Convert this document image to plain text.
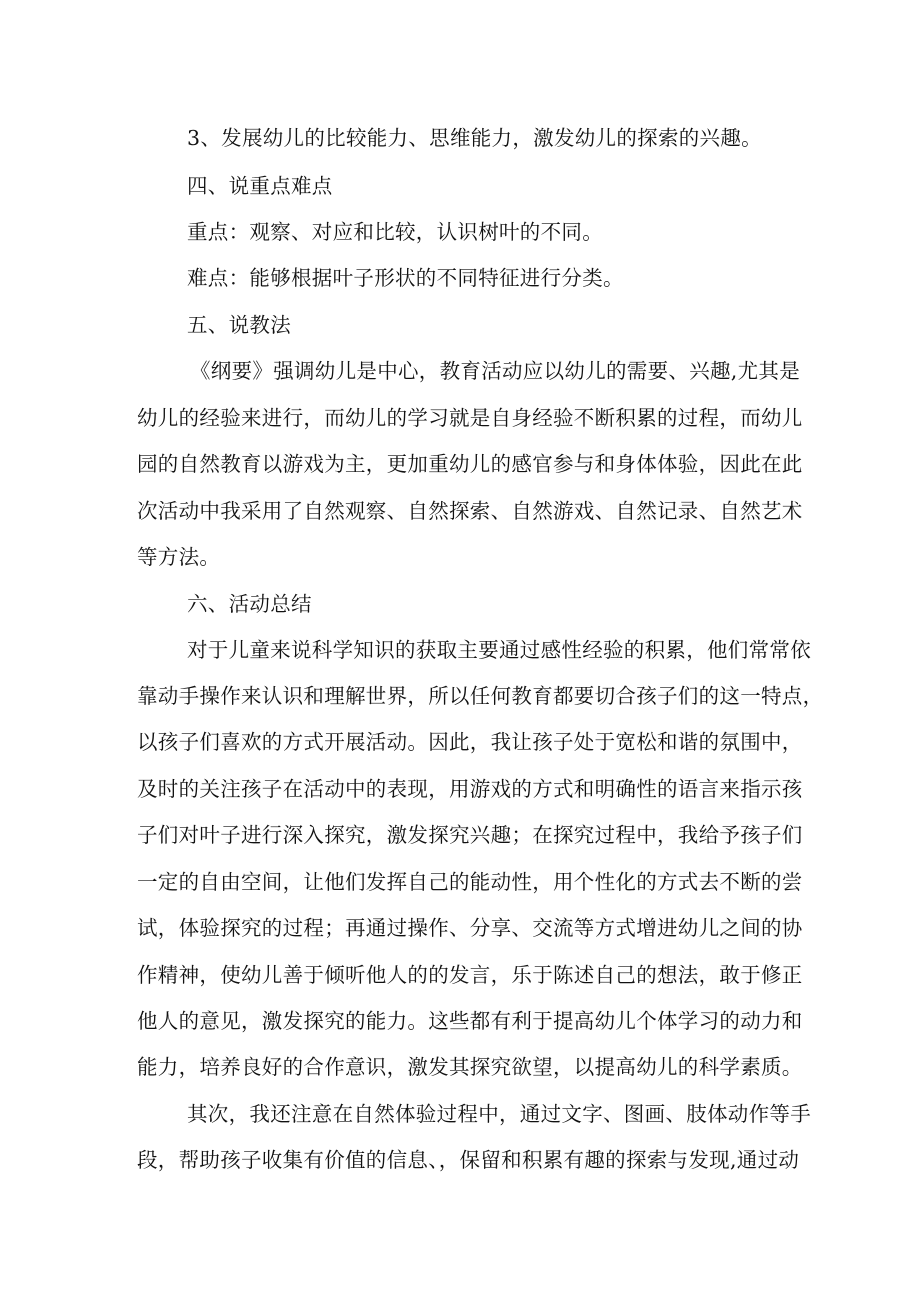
3、发展幼儿的比较能力、思维能力，激发幼儿的探索的兴趣。
四、说重点难点
重点：观察、对应和比较，认识树叶的不同。
难点：能够根据叶子形状的不同特征进行分类。
五、说教法
《纲要》强调幼儿是中心，教育活动应以幼儿的需要、兴趣,尤其是
幼儿的经验来进行，而幼儿的学习就是自身经验不断积累的过程，而幼儿
园的自然教育以游戏为主，更加重幼儿的感官参与和身体体验，因此在此
次活动中我采用了自然观察、自然探索、自然游戏、自然记录、自然艺术
等方法。
六、活动总结
对于儿童来说科学知识的获取主要通过感性经验的积累，他们常常依
靠动手操作来认识和理解世界，所以任何教育都要切合孩子们的这一特点，
以孩子们喜欢的方式开展活动。因此，我让孩子处于宽松和谐的氛围中，
及时的关注孩子在活动中的表现，用游戏的方式和明确性的语言来指示孩
子们对叶子进行深入探究，激发探究兴趣；在探究过程中，我给予孩子们
一定的自由空间，让他们发挥自己的能动性，用个性化的方式去不断的尝
试，体验探究的过程；再通过操作、分享、交流等方式增进幼儿之间的协
作精神，使幼儿善于倾听他人的的发言，乐于陈述自己的想法，敢于修正
他人的意见，激发探究的能力。这些都有利于提高幼儿个体学习的动力和
能力，培养良好的合作意识，激发其探究欲望，以提高幼儿的科学素质。
其次，我还注意在自然体验过程中，通过文字、图画、肢体动作等手
段，帮助孩子收集有价值的信息、，保留和积累有趣的探索与发现,通过动
